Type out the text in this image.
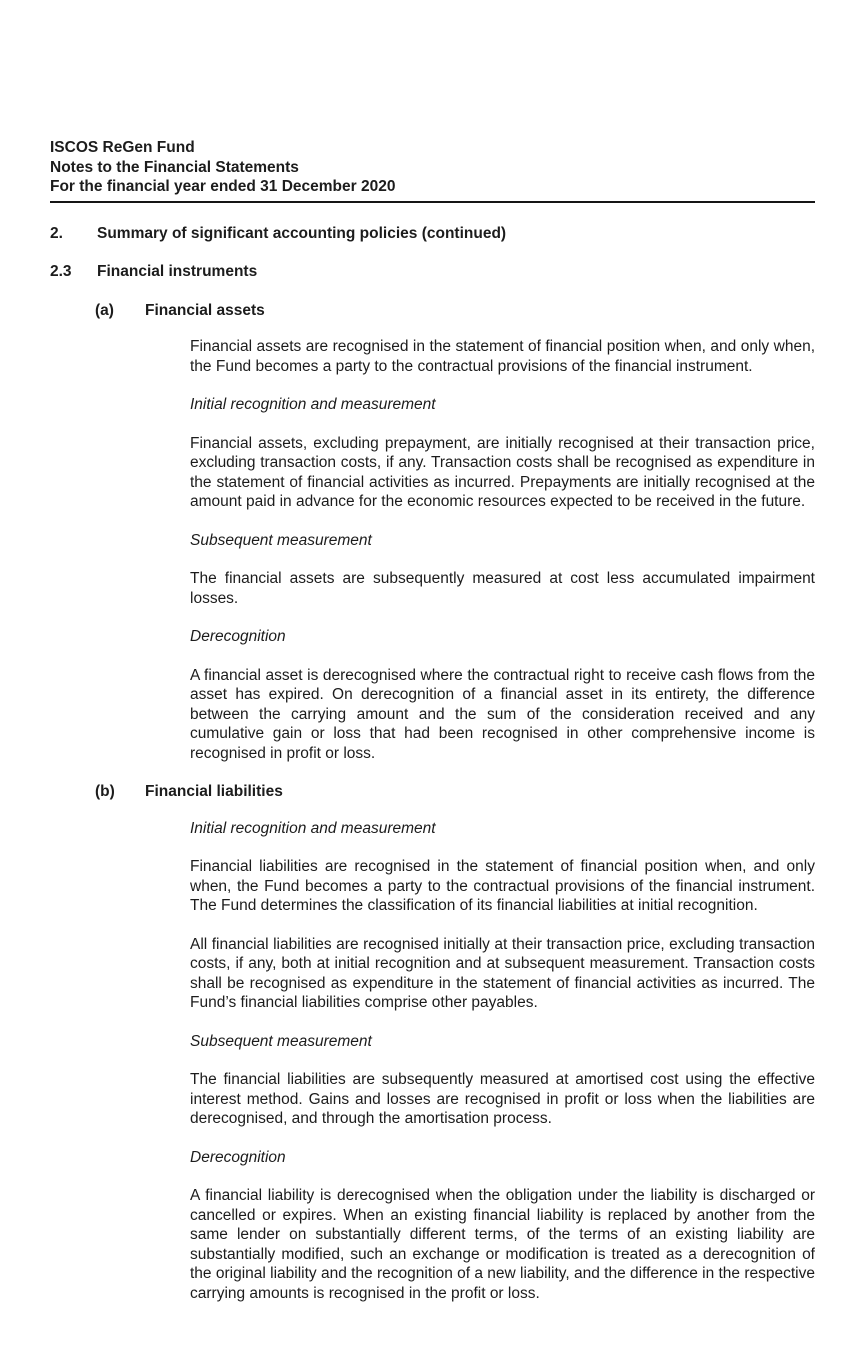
ISCOS ReGen Fund
Notes to the Financial Statements
For the financial year ended 31 December 2020
2.	Summary of significant accounting policies (continued)
2.3	Financial instruments
(a)	Financial assets

Financial assets are recognised in the statement of financial position when, and only when, the Fund becomes a party to the contractual provisions of the financial instrument.

Initial recognition and measurement

Financial assets, excluding prepayment, are initially recognised at their transaction price, excluding transaction costs, if any. Transaction costs shall be recognised as expenditure in the statement of financial activities as incurred. Prepayments are initially recognised at the amount paid in advance for the economic resources expected to be received in the future.

Subsequent measurement

The financial assets are subsequently measured at cost less accumulated impairment losses.

Derecognition

A financial asset is derecognised where the contractual right to receive cash flows from the asset has expired. On derecognition of a financial asset in its entirety, the difference between the carrying amount and the sum of the consideration received and any cumulative gain or loss that had been recognised in other comprehensive income is recognised in profit or loss.

(b)	Financial liabilities

Initial recognition and measurement

Financial liabilities are recognised in the statement of financial position when, and only when, the Fund becomes a party to the contractual provisions of the financial instrument. The Fund determines the classification of its financial liabilities at initial recognition.

All financial liabilities are recognised initially at their transaction price, excluding transaction costs, if any, both at initial recognition and at subsequent measurement. Transaction costs shall be recognised as expenditure in the statement of financial activities as incurred. The Fund’s financial liabilities comprise other payables.

Subsequent measurement

The financial liabilities are subsequently measured at amortised cost using the effective interest method. Gains and losses are recognised in profit or loss when the liabilities are derecognised, and through the amortisation process.

Derecognition

A financial liability is derecognised when the obligation under the liability is discharged or cancelled or expires. When an existing financial liability is replaced by another from the same lender on substantially different terms, of the terms of an existing liability are substantially modified, such an exchange or modification is treated as a derecognition of the original liability and the recognition of a new liability, and the difference in the respective carrying amounts is recognised in the profit or loss.
